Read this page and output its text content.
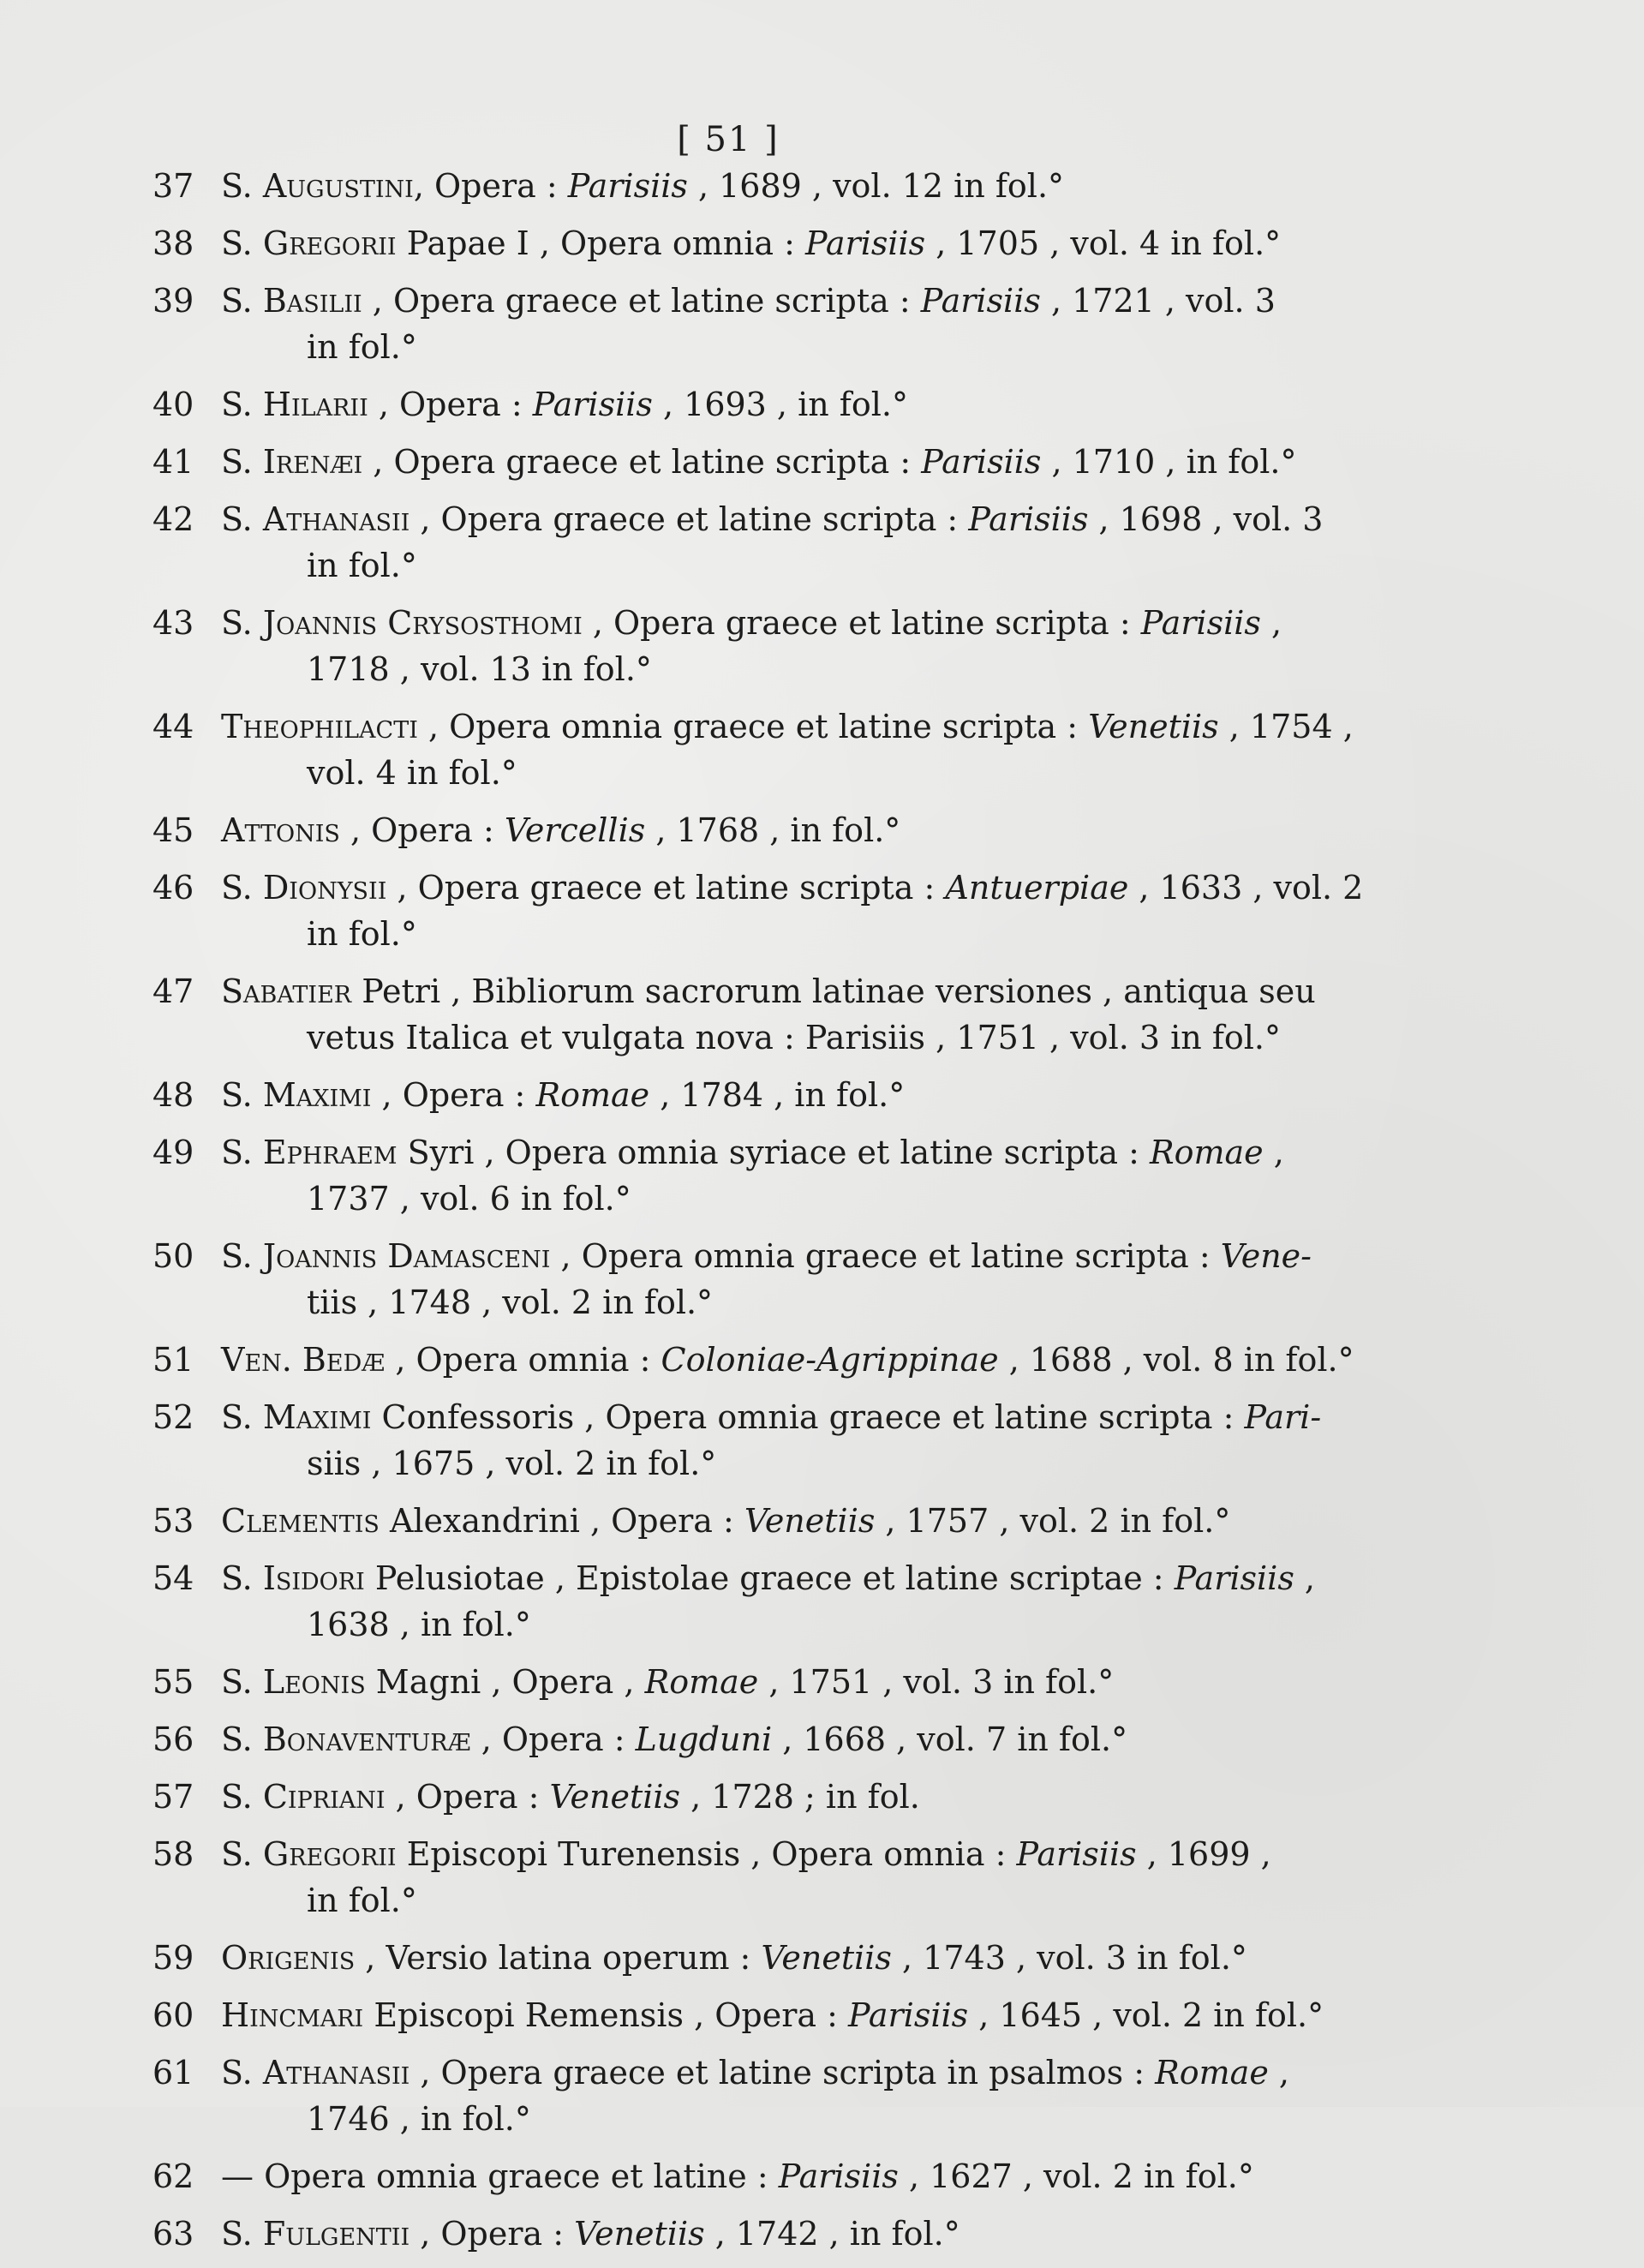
[ 51 ]
37 S. Augustini, Opera : Parisiis , 1689 , vol. 12 in fol.°
38 S. Gregorii Papae I , Opera omnia : Parisiis , 1705 , vol. 4 in fol.°
39 S. Basilii , Opera graece et latine scripta : Parisiis , 1721 , vol. 3
in fol.°
40 S. Hilarii , Opera : Parisiis , 1693 , in fol.°
41 S. Irenæi , Opera graece et latine scripta : Parisiis , 1710 , in fol.°
42 S. Athanasii , Opera graece et latine scripta : Parisiis , 1698 , vol. 3
in fol.°
43 S. Joannis Crysosthomi , Opera graece et latine scripta : Parisiis ,
1718 , vol. 13 in fol.°
44 Theophilacti , Opera omnia graece et latine scripta : Venetiis , 1754 ,
vol. 4 in fol.°
45 Attonis , Opera : Vercellis , 1768 , in fol.°
46 S. Dionysii , Opera graece et latine scripta : Antuerpiae , 1633 , vol. 2
in fol.°
47 Sabatier Petri , Bibliorum sacrorum latinae versiones , antiqua seu
vetus Italica et vulgata nova : Parisiis , 1751 , vol. 3 in fol.°
48 S. Maximi , Opera : Romae , 1784 , in fol.°
49 S. Ephraem Syri , Opera omnia syriace et latine scripta : Romae ,
1737 , vol. 6 in fol.°
50 S. Joannis Damasceni , Opera omnia graece et latine scripta : Vene-
tiis , 1748 , vol. 2 in fol.°
51 Ven. Bedæ , Opera omnia : Coloniae-Agrippinae , 1688 , vol. 8 in fol.°
52 S. Maximi Confessoris , Opera omnia graece et latine scripta : Pari-
siis , 1675 , vol. 2 in fol.°
53 Clementis Alexandrini , Opera : Venetiis , 1757 , vol. 2 in fol.°
54 S. Isidori Pelusiotae , Epistolae graece et latine scriptae : Parisiis ,
1638 , in fol.°
55 S. Leonis Magni , Opera , Romae , 1751 , vol. 3 in fol.°
56 S. Bonaventuræ , Opera : Lugduni , 1668 , vol. 7 in fol.°
57 S. Cipriani , Opera : Venetiis , 1728 ; in fol.
58 S. Gregorii Episcopi Turenensis , Opera omnia : Parisiis , 1699 ,
in fol.°
59 Origenis , Versio latina operum : Venetiis , 1743 , vol. 3 in fol.°
60 Hincmari Episcopi Remensis , Opera : Parisiis , 1645 , vol. 2 in fol.°
61 S. Athanasii , Opera graece et latine scripta in psalmos : Romae ,
1746 , in fol.°
62 — Opera omnia graece et latine : Parisiis , 1627 , vol. 2 in fol.°
63 S. Fulgentii , Opera : Venetiis , 1742 , in fol.°
